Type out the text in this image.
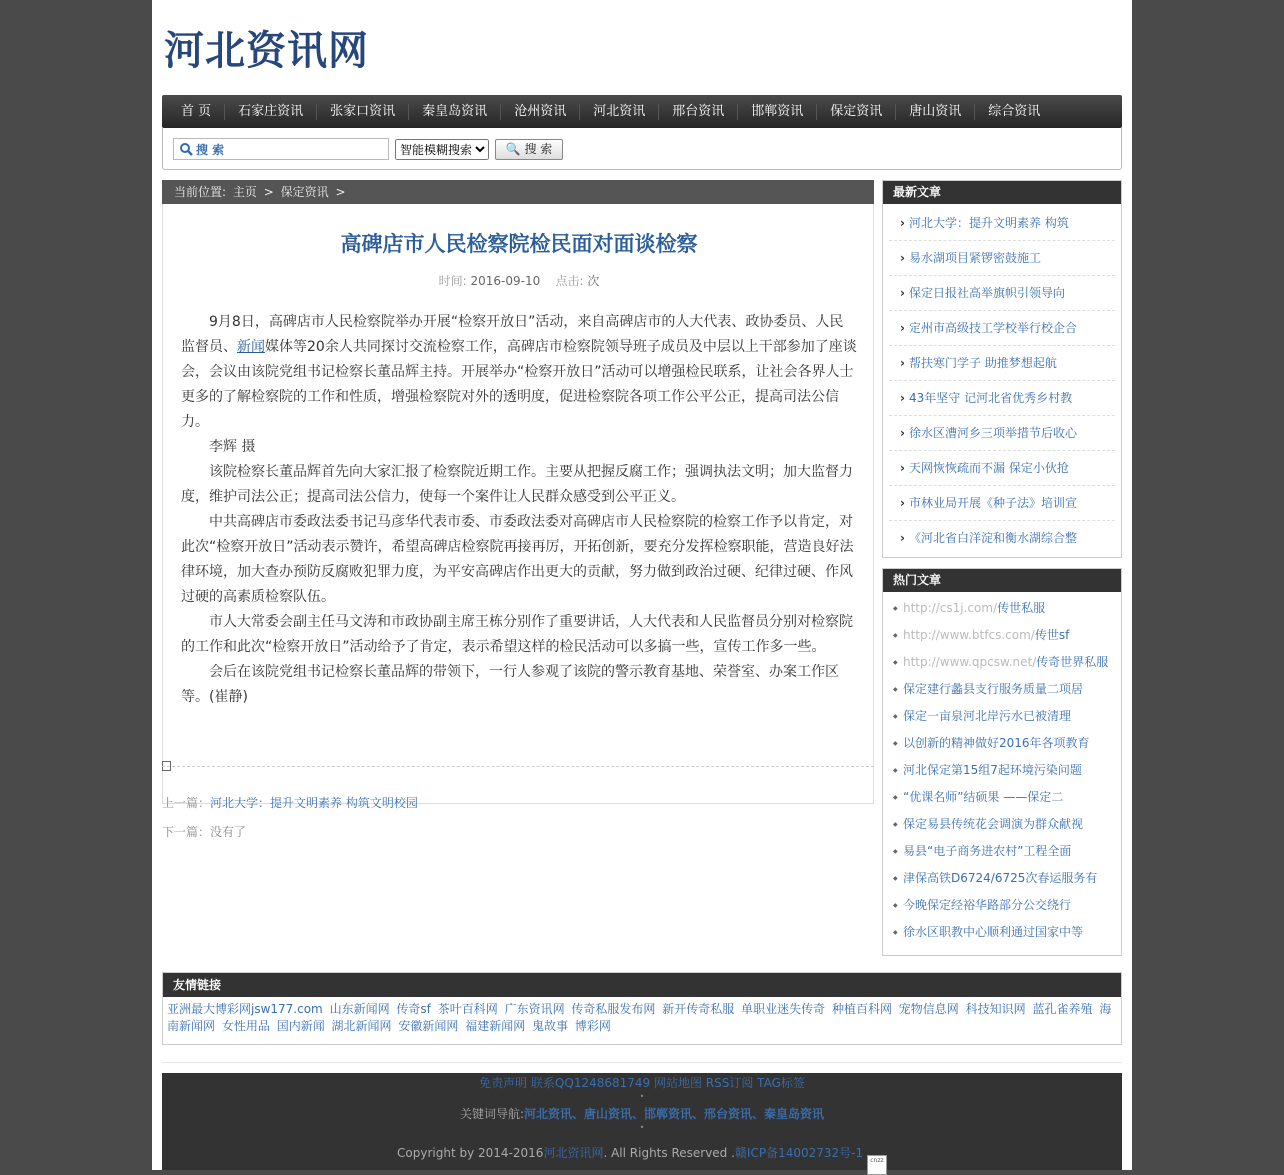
河北资讯网
首 页	石家庄资讯	张家口资讯	秦皇岛资讯	沧州资讯	河北资讯	邢台资讯	邯郸资讯	保定资讯	唐山资讯	综合资讯
搜 索
智能模糊搜索
🔍 搜 索
当前位置: 主页 > 保定资讯 >
高碑店市人民检察院检民面对面谈检察
时间: 2016-09-10 点击: 次

9月8日，高碑店市人民检察院举办开展“检察开放日”活动，来自高碑店市的人大代表、政协委员、人民监督员、新闻媒体等20余人共同探讨交流检察工作，高碑店市检察院领导班子成员及中层以上干部参加了座谈会，会议由该院党组书记检察长董品辉主持。开展举办“检察开放日”活动可以增强检民联系，让社会各界人士更多的了解检察院的工作和性质，增强检察院对外的透明度，促进检察院各项工作公平公正，提高司法公信力。

李辉 摄

该院检察长董品辉首先向大家汇报了检察院近期工作。主要从把握反腐工作；强调执法文明；加大监督力度，维护司法公正；提高司法公信力，使每一个案件让人民群众感受到公平正义。

中共高碑店市委政法委书记马彦华代表市委、市委政法委对高碑店市人民检察院的检察工作予以肯定，对此次“检察开放日”活动表示赞许，希望高碑店检察院再接再厉，开拓创新，要充分发挥检察职能，营造良好法律环境，加大查办预防反腐败犯罪力度，为平安高碑店作出更大的贡献，努力做到政治过硬、纪律过硬、作风过硬的高素质检察队伍。

市人大常委会副主任马文涛和市政协副主席王栋分别作了重要讲话，人大代表和人民监督员分别对检察院的工作和此次“检察开放日”活动给予了肯定，表示希望这样的检民活动可以多搞一些，宣传工作多一些。

会后在该院党组书记检察长董品辉的带领下，一行人参观了该院的警示教育基地、荣誉室、办案工作区等。(崔静)

上一篇：河北大学：提升文明素养 构筑文明校园
下一篇：没有了
最新文章
› 河北大学：提升文明素养 构筑
› 易水湖项目紧锣密鼓施工
› 保定日报社高举旗帜引领导向
› 定州市高级技工学校举行校企合
› 帮扶寒门学子 助推梦想起航
› 43年坚守 记河北省优秀乡村教
› 徐水区漕河乡三项举措节后收心
› 天网恢恢疏而不漏 保定小伙抢
› 市林业局开展《种子法》培训宣
› 《河北省白洋淀和衡水湖综合整
热门文章
◆ http://cs1j.com/传世私服
◆ http://www.btfcs.com/传世sf
◆ http://www.qpcsw.net/传奇世界私服
◆ 保定建行蠡县支行服务质量二项居
◆ 保定一亩泉河北岸污水已被清理
◆ 以创新的精神做好2016年各项教育
◆ 河北保定第15组7起环境污染问题
◆ “优课名师”结硕果 ——保定二
◆ 保定易县传统花会调演为群众献视
◆ 易县“电子商务进农村”工程全面
◆ 津保高铁D6724/6725次春运服务有
◆ 今晚保定经裕华路部分公交绕行
◆ 徐水区职教中心顺利通过国家中等
友情链接
亚洲最大博彩网jsw177.com 山东新闻网 传奇sf 茶叶百科网 广东资讯网 传奇私服发布网 新开传奇私服 单职业迷失传奇 种植百科网 宠物信息网 科技知识网 蓝孔雀养殖 海南新闻网 女性用品 国内新闻 湖北新闻网 安徽新闻网 福建新闻网 鬼故事 博彩网
免责声明 联系QQ1248681749 网站地图 RSS订阅 TAG标签
•
关键词导航:河北资讯、唐山资讯、邯郸资讯、邢台资讯、秦皇岛资讯
•
Copyright by 2014-2016河北资讯网. All Rights Reserved .赣ICP备14002732号-1 cnzz
